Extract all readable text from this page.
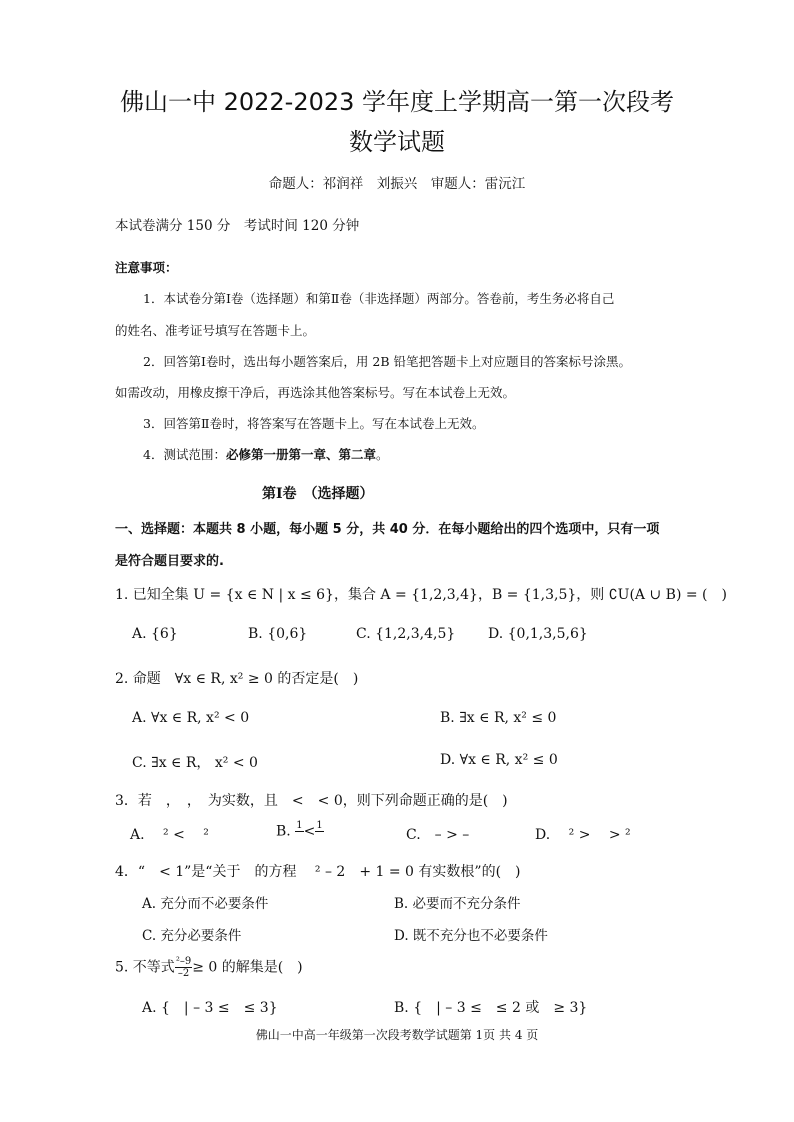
佛山一中 2022-2023 学年度上学期高一第一次段考
数学试题
命题人：祁润祥　刘振兴　审题人：雷沅江
本试卷满分 150 分　考试时间 120 分钟
注意事项：
1．本试卷分第Ⅰ卷（选择题）和第Ⅱ卷（非选择题）两部分。答卷前，考生务必将自己
的姓名、准考证号填写在答题卡上。
2．回答第Ⅰ卷时，选出每小题答案后，用 2B 铅笔把答题卡上对应题目的答案标号涂黑。
如需改动，用橡皮擦干净后，再选涂其他答案标号。写在本试卷上无效。
3．回答第Ⅱ卷时，将答案写在答题卡上。写在本试卷上无效。
4．测试范围：必修第一册第一章、第二章。
第Ⅰ卷　（选择题）
一、选择题：本题共 8 小题，每小题 5 分，共 40 分．在每小题给出的四个选项中，只有一项
是符合题目要求的.
1. 已知全集 U = {x ∈ N | x ≤ 6}，集合 A = {1,2,3,4}，B = {1,3,5}，则 ∁U(A ∪ B) = (　)
A. {6}	B. {0,6}	C. {1,2,3,4,5} D. {0,1,3,5,6}
2. 命题　∀x ∈ R, x² ≥ 0 的否定是(　)
A. ∀x ∈ R, x² < 0	B. ∃x ∈ R, x² ≤ 0
C. ∃x ∈ R， x² < 0	D. ∀x ∈ R, x² ≤ 0
3．若　，　，　为实数，且　<　< 0，则下列命题正确的是(　)
A.　 ² <　 ²	B. 1
< 1

C.　– > –	D.　 ² >　 > ²
4．“　< 1”是“关于　的方程　 ² – 2　+ 1 = 0 有实数根”的(　)
A. 充分而不必要条件	B. 必要而不充分条件
C. 充分必要条件	D. 既不充分也不必要条件
5. 不等式 $\frac{\text{²–9}}{-2} \ge 0$ 的解集是(　)
A. {　| – 3 ≤　≤ 3}	B. {　| – 3 ≤　≤ 2 或　≥ 3}
佛山一中高一年级第一次段考数学试题第 1页 共 4 页
